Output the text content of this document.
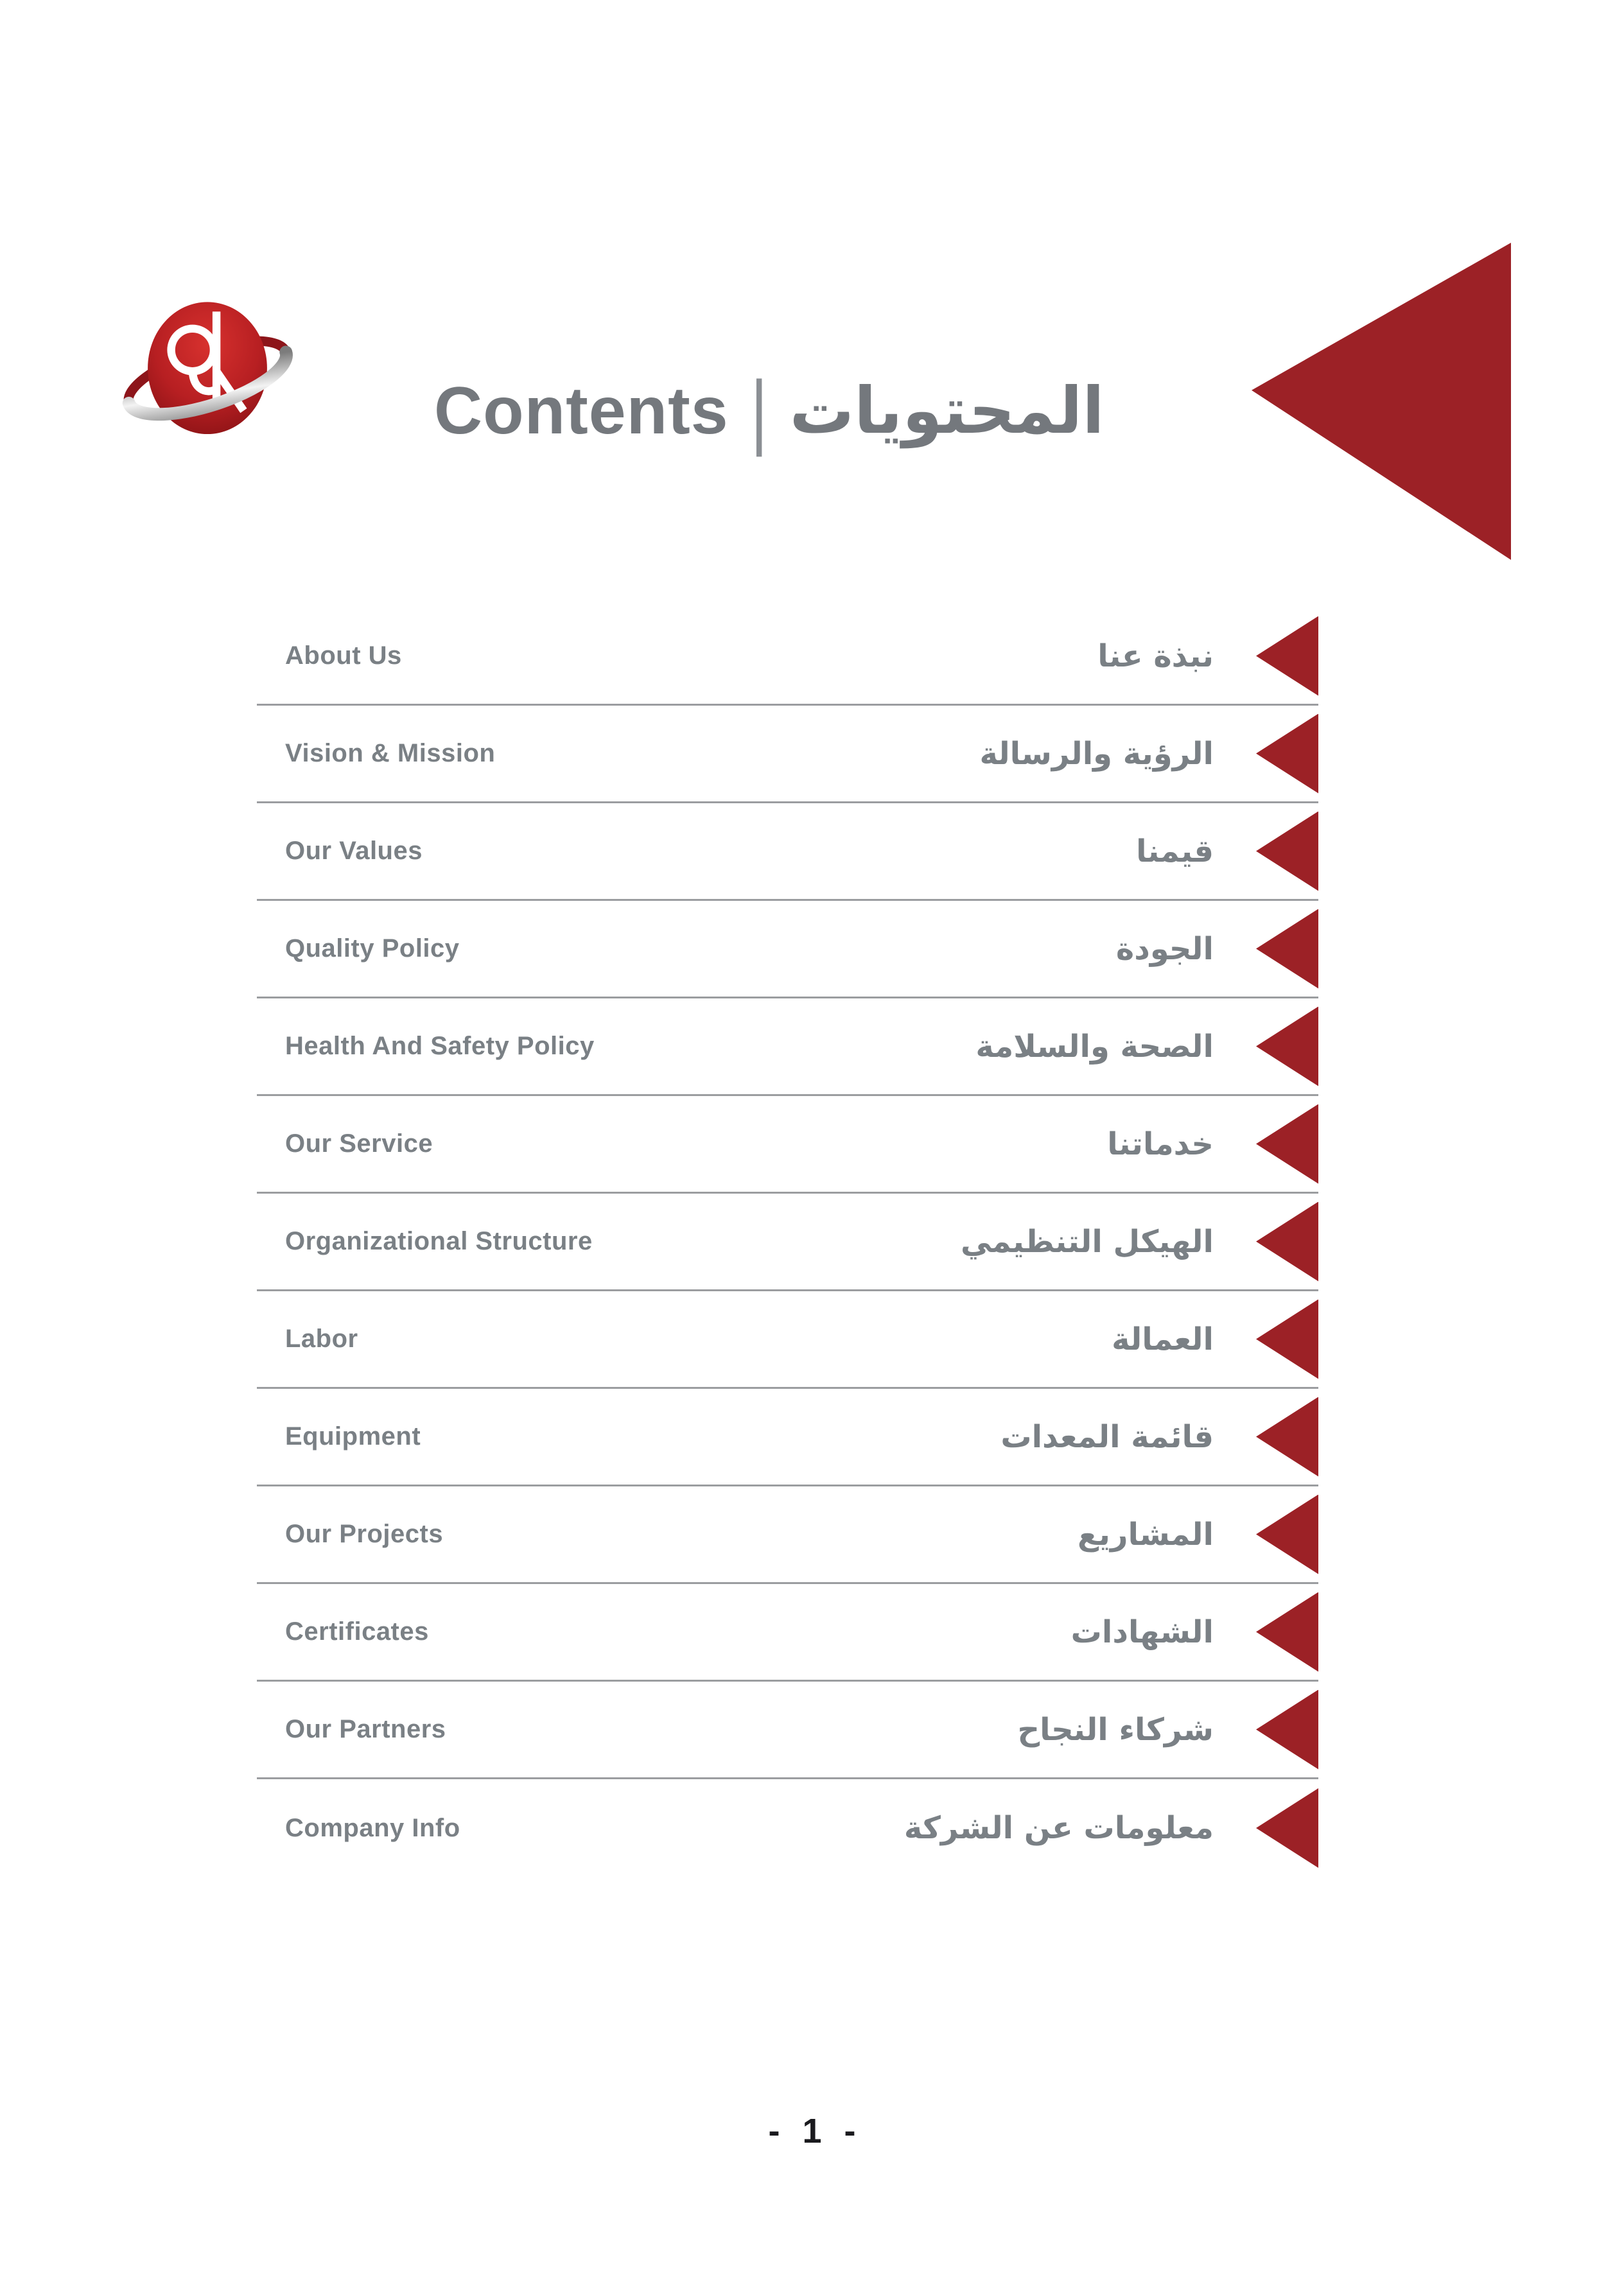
Contents | المحتويات
About Us	نبذة عنا
Vision & Mission	الرؤية والرسالة
Our Values	قيمنا
Quality Policy	الجودة
Health And Safety Policy	الصحة والسلامة
Our Service	خدماتنا
Organizational Structure	الهيكل التنظيمي
Labor	العمالة
Equipment	قائمة المعدات
Our Projects	المشاريع
Certificates	الشهادات
Our Partners	شركاء النجاح
Company Info	معلومات عن الشركة
- 1 -
